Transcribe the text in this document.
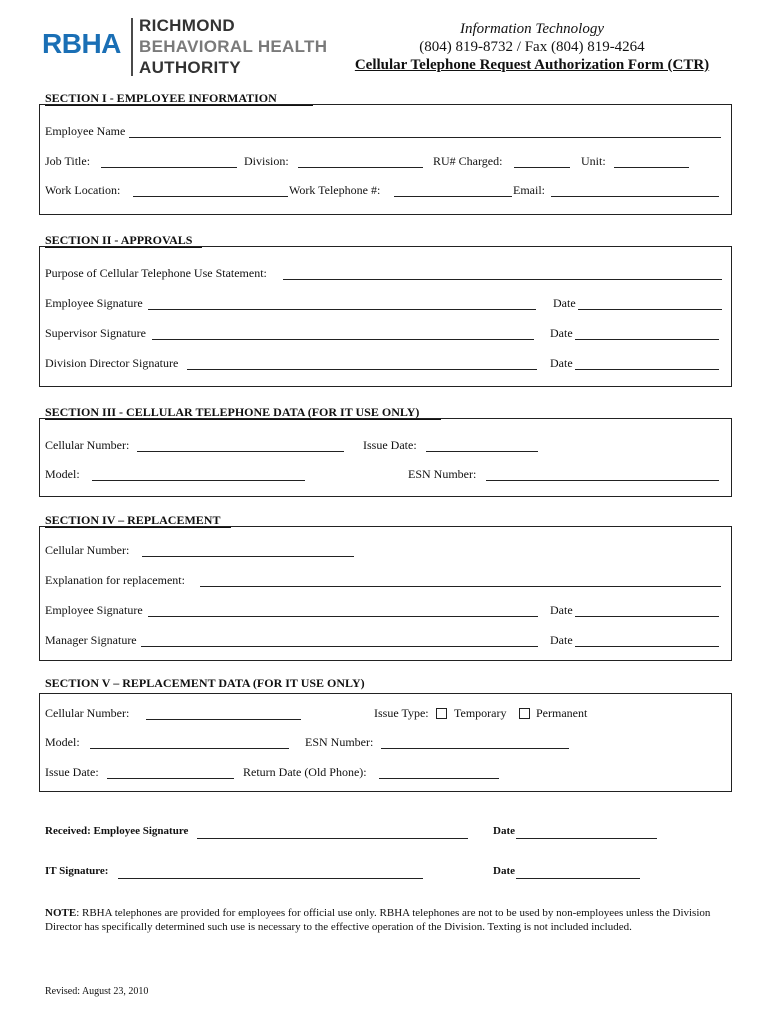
RBHA
RICHMOND
BEHAVIORAL HEALTH
AUTHORITY
Information Technology
(804) 819-8732 / Fax (804) 819-4264
Cellular Telephone Request Authorization Form (CTR)
SECTION I - EMPLOYEE INFORMATION
Employee Name
Job Title:	Division:	RU# Charged:	Unit:
Work Location:	Work Telephone #:	Email:
SECTION II - APPROVALS
Purpose of Cellular Telephone Use Statement:
Employee Signature	Date
Supervisor Signature	Date
Division Director Signature	Date
SECTION III - CELLULAR TELEPHONE DATA (FOR IT USE ONLY)
Cellular Number:	Issue Date:
Model:	ESN Number:
SECTION IV – REPLACEMENT
Cellular Number:
Explanation for replacement:
Employee Signature	Date
Manager Signature	Date
SECTION V – REPLACEMENT DATA (FOR IT USE ONLY)
Cellular Number:	Issue Type: Temporary Permanent
Model:	ESN Number:
Issue Date:	Return Date (Old Phone):
Received: Employee Signature	Date
IT Signature:	Date
NOTE: RBHA telephones are provided for employees for official use only. RBHA telephones are not to be used by non-employees unless the Division Director has specifically determined such use is necessary to the effective operation of the Division. Texting is not included included.
Revised: August 23, 2010
